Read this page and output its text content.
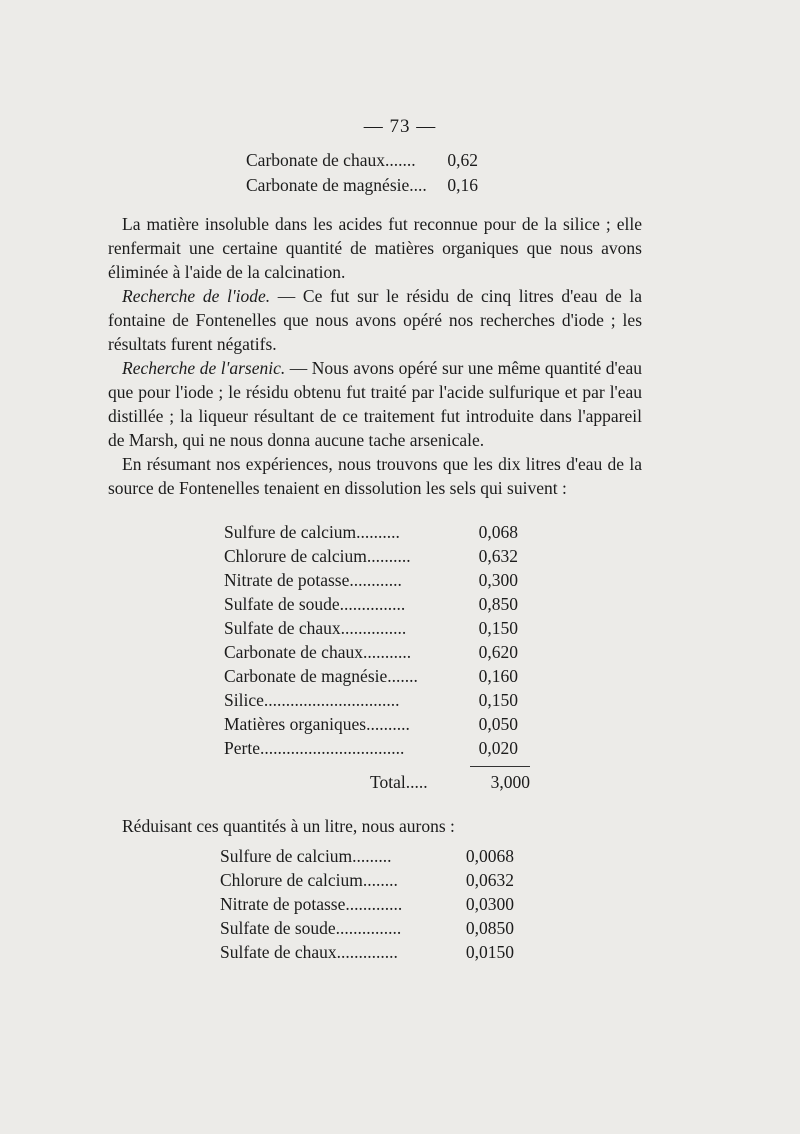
— 73 —
Carbonate de chaux.......	0,62
Carbonate de magnésie....	0,16

La matière insoluble dans les acides fut reconnue pour de la silice ; elle renfermait une certaine quantité de matières organiques que nous avons éliminée à l'aide de la calcination.

Recherche de l'iode. — Ce fut sur le résidu de cinq litres d'eau de la fontaine de Fontenelles que nous avons opéré nos recherches d'iode ; les résultats furent négatifs.

Recherche de l'arsenic. — Nous avons opéré sur une même quantité d'eau que pour l'iode ; le résidu obtenu fut traité par l'acide sulfurique et par l'eau distillée ; la liqueur résultant de ce traitement fut introduite dans l'appareil de Marsh, qui ne nous donna aucune tache arsenicale.

En résumant nos expériences, nous trouvons que les dix litres d'eau de la source de Fontenelles tenaient en dissolution les sels qui suivent :

Sulfure de calcium..........	0,068
Chlorure de calcium..........	0,632
Nitrate de potasse............	0,300
Sulfate de soude...............	0,850
Sulfate de chaux...............	0,150
Carbonate de chaux...........	0,620
Carbonate de magnésie.......	0,160
Silice...............................	0,150
Matières organiques..........	0,050
Perte.................................	0,020
Total.....	3,000
Réduisant ces quantités à un litre, nous aurons :
Sulfure de calcium.........	0,0068
Chlorure de calcium........	0,0632
Nitrate de potasse.............	0,0300
Sulfate de soude...............	0,0850
Sulfate de chaux..............	0,0150
